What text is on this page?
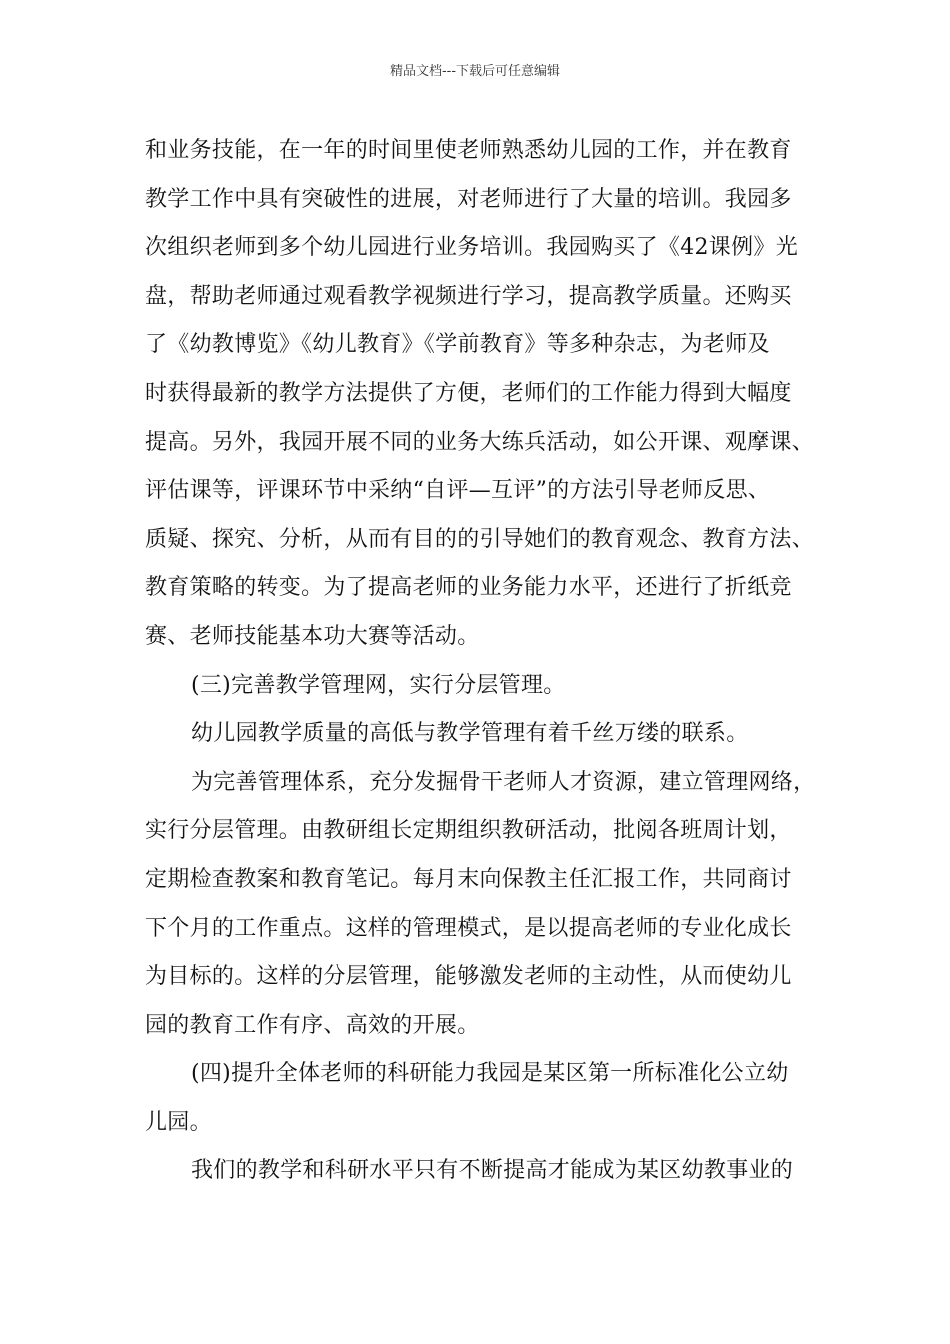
精品文档---下载后可任意编辑
和业务技能，在一年的时间里使老师熟悉幼儿园的工作，并在教育
教学工作中具有突破性的进展，对老师进行了大量的培训。我园多
次组织老师到多个幼儿园进行业务培训。我园购买了《42课例》光
盘，帮助老师通过观看教学视频进行学习，提高教学质量。还购买
了《幼教博览》《幼儿教育》《学前教育》等多种杂志，为老师及
时获得最新的教学方法提供了方便，老师们的工作能力得到大幅度
提高。另外，我园开展不同的业务大练兵活动，如公开课、观摩课、
评估课等，评课环节中采纳“自评—互评”的方法引导老师反思、
质疑、探究、分析，从而有目的的引导她们的教育观念、教育方法、
教育策略的转变。为了提高老师的业务能力水平，还进行了折纸竞
赛、老师技能基本功大赛等活动。
(三)完善教学管理网，实行分层管理。
幼儿园教学质量的高低与教学管理有着千丝万缕的联系。
为完善管理体系，充分发掘骨干老师人才资源，建立管理网络，
实行分层管理。由教研组长定期组织教研活动，批阅各班周计划，
定期检查教案和教育笔记。每月末向保教主任汇报工作，共同商讨
下个月的工作重点。这样的管理模式，是以提高老师的专业化成长
为目标的。这样的分层管理，能够激发老师的主动性，从而使幼儿
园的教育工作有序、高效的开展。
(四)提升全体老师的科研能力我园是某区第一所标准化公立幼
儿园。
我们的教学和科研水平只有不断提高才能成为某区幼教事业的
